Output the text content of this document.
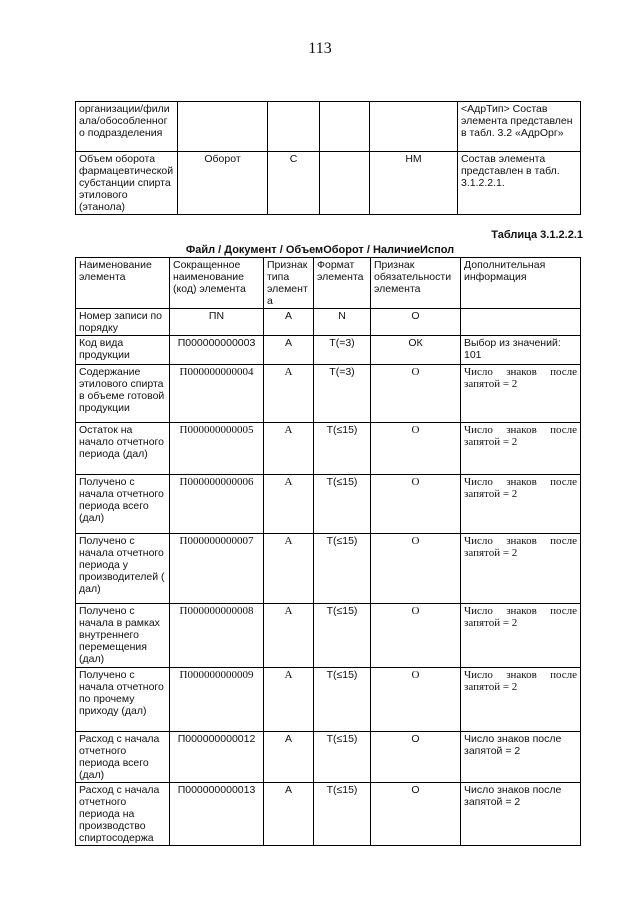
113
организации/фили ала/обособленног о подразделения					<АдрТип> Состав элемента представлен в табл. 3.2 «АдрОрг»
Объем оборота фармацевтической субстанции спирта этилового (этанола)	Оборот	С		НМ	Состав элемента представлен в табл. 3.1.2.2.1.
Таблица 3.1.2.2.1
Файл / Документ / ОбъемОборот / НаличиеИспол
Наименование элемента	Сокращенное наименование (код) элемента	Признак типа элемент а	Формат элемента	Признак обязательности элемента	Дополнительная информация
Номер записи по порядку	ПN	А	N	О	
Код вида продукции	П000000000003	А	Т(=3)	ОК	Выбор из значений: 101
Содержание этилового спирта в объеме готовой продукции	П000000000004	А	Т(=3)	О	Число знаков после запятой = 2
Остаток на начало отчетного периода (дал)	П000000000005	А	Т(≤15)	О	Число знаков после запятой = 2
Получено с начала отчетного периода всего (дал)	П000000000006	А	Т(≤15)	О	Число знаков после запятой = 2
Получено с начала отчетного периода у производителей ( дал)	П000000000007	А	Т(≤15)	О	Число знаков после запятой = 2
Получено с начала в рамках внутреннего перемещения (дал)	П000000000008	А	Т(≤15)	О	Число знаков после запятой = 2
Получено с начала отчетного по прочему приходу (дал)	П000000000009	А	Т(≤15)	О	Число знаков после запятой = 2
Расход с начала отчетного периода всего (дал)	П000000000012	А	Т(≤15)	О	Число знаков после запятой = 2
Расход с начала отчетного периода на производство спиртосодержа	П000000000013	А	Т(≤15)	О	Число знаков после запятой = 2
